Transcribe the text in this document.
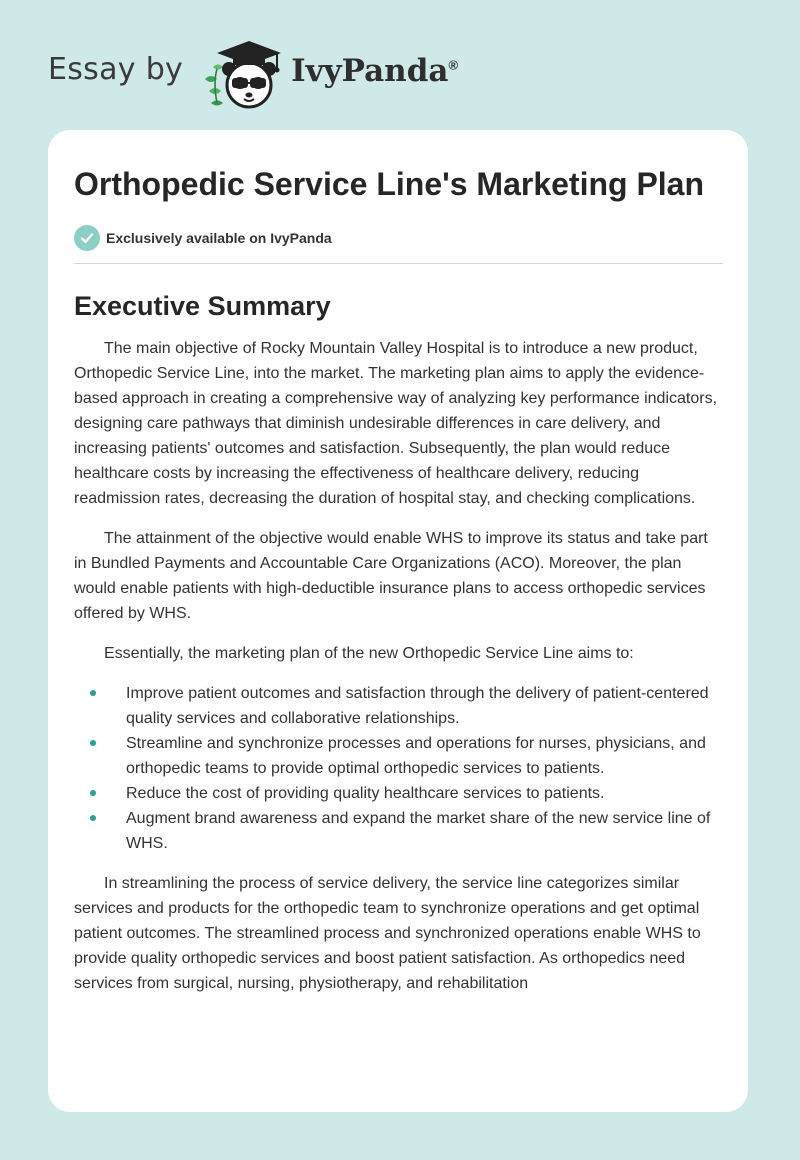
Essay by	IvyPanda®
Orthopedic Service Line's Marketing Plan
Exclusively available on IvyPanda
Executive Summary

The main objective of Rocky Mountain Valley Hospital is to introduce a new product, Orthopedic Service Line, into the market. The marketing plan aims to apply the evidence-based approach in creating a comprehensive way of analyzing key performance indicators, designing care pathways that diminish undesirable differences in care delivery, and increasing patients' outcomes and satisfaction. Subsequently, the plan would reduce healthcare costs by increasing the effectiveness of healthcare delivery, reducing readmission rates, decreasing the duration of hospital stay, and checking complications.

The attainment of the objective would enable WHS to improve its status and take part in Bundled Payments and Accountable Care Organizations (ACO). Moreover, the plan would enable patients with high-deductible insurance plans to access orthopedic services offered by WHS.

Essentially, the marketing plan of the new Orthopedic Service Line aims to:

Improve patient outcomes and satisfaction through the delivery of patient-centered quality services and collaborative relationships.
Streamline and synchronize processes and operations for nurses, physicians, and orthopedic teams to provide optimal orthopedic services to patients.
Reduce the cost of providing quality healthcare services to patients.
Augment brand awareness and expand the market share of the new service line of WHS.

In streamlining the process of service delivery, the service line categorizes similar services and products for the orthopedic team to synchronize operations and get optimal patient outcomes. The streamlined process and synchronized operations enable WHS to provide quality orthopedic services and boost patient satisfaction. As orthopedics need services from surgical, nursing, physiotherapy, and rehabilitation
